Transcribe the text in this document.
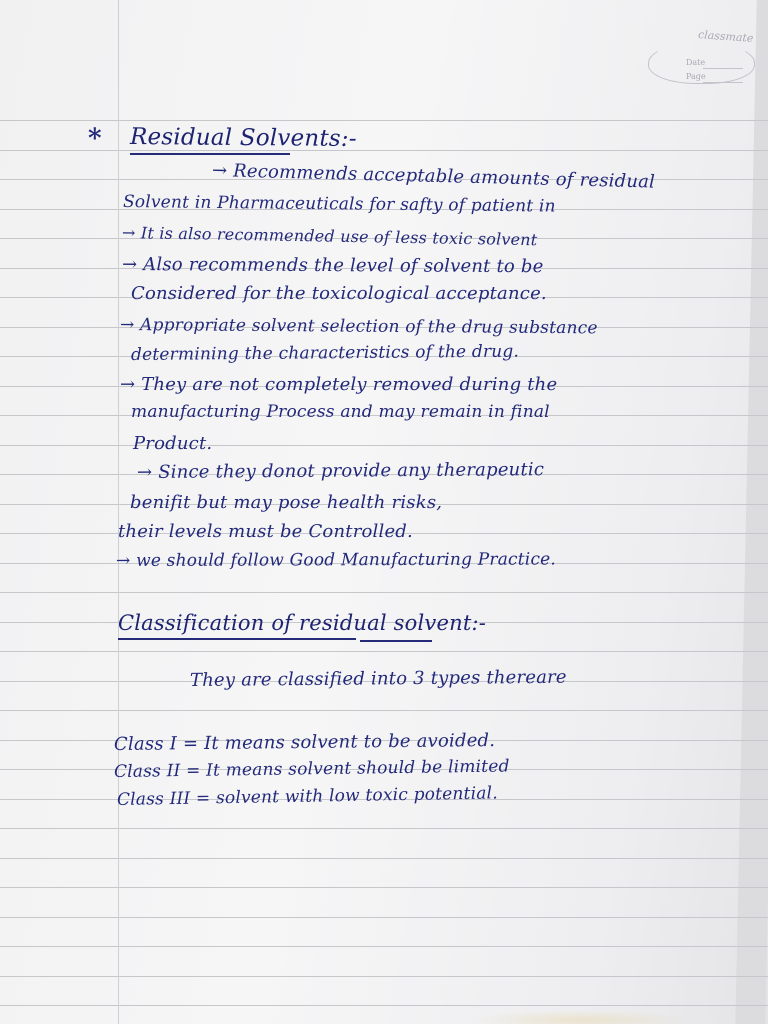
classmate
Date
Page
* Residual Solvents:-
→ Recommends acceptable amounts of residual
Solvent in Pharmaceuticals for safty of patient in
→ It is also recommended use of less toxic solvent
→ Also recommends the level of solvent to be
Considered for the toxicological acceptance.
→ Appropriate solvent selection of the drug substance
determining the characteristics of the drug.
→ They are not completely removed during the
manufacturing Process and may remain in final
Product.
→ Since they donot provide any therapeutic
benifit but may pose health risks,
their levels must be Controlled.
→ we should follow Good Manufacturing Practice.
Classification of residual solvent:-
They are classified into 3 types thereare
Class I = It means solvent to be avoided.
Class II = It means solvent should be limited
Class III = solvent with low toxic potential.
